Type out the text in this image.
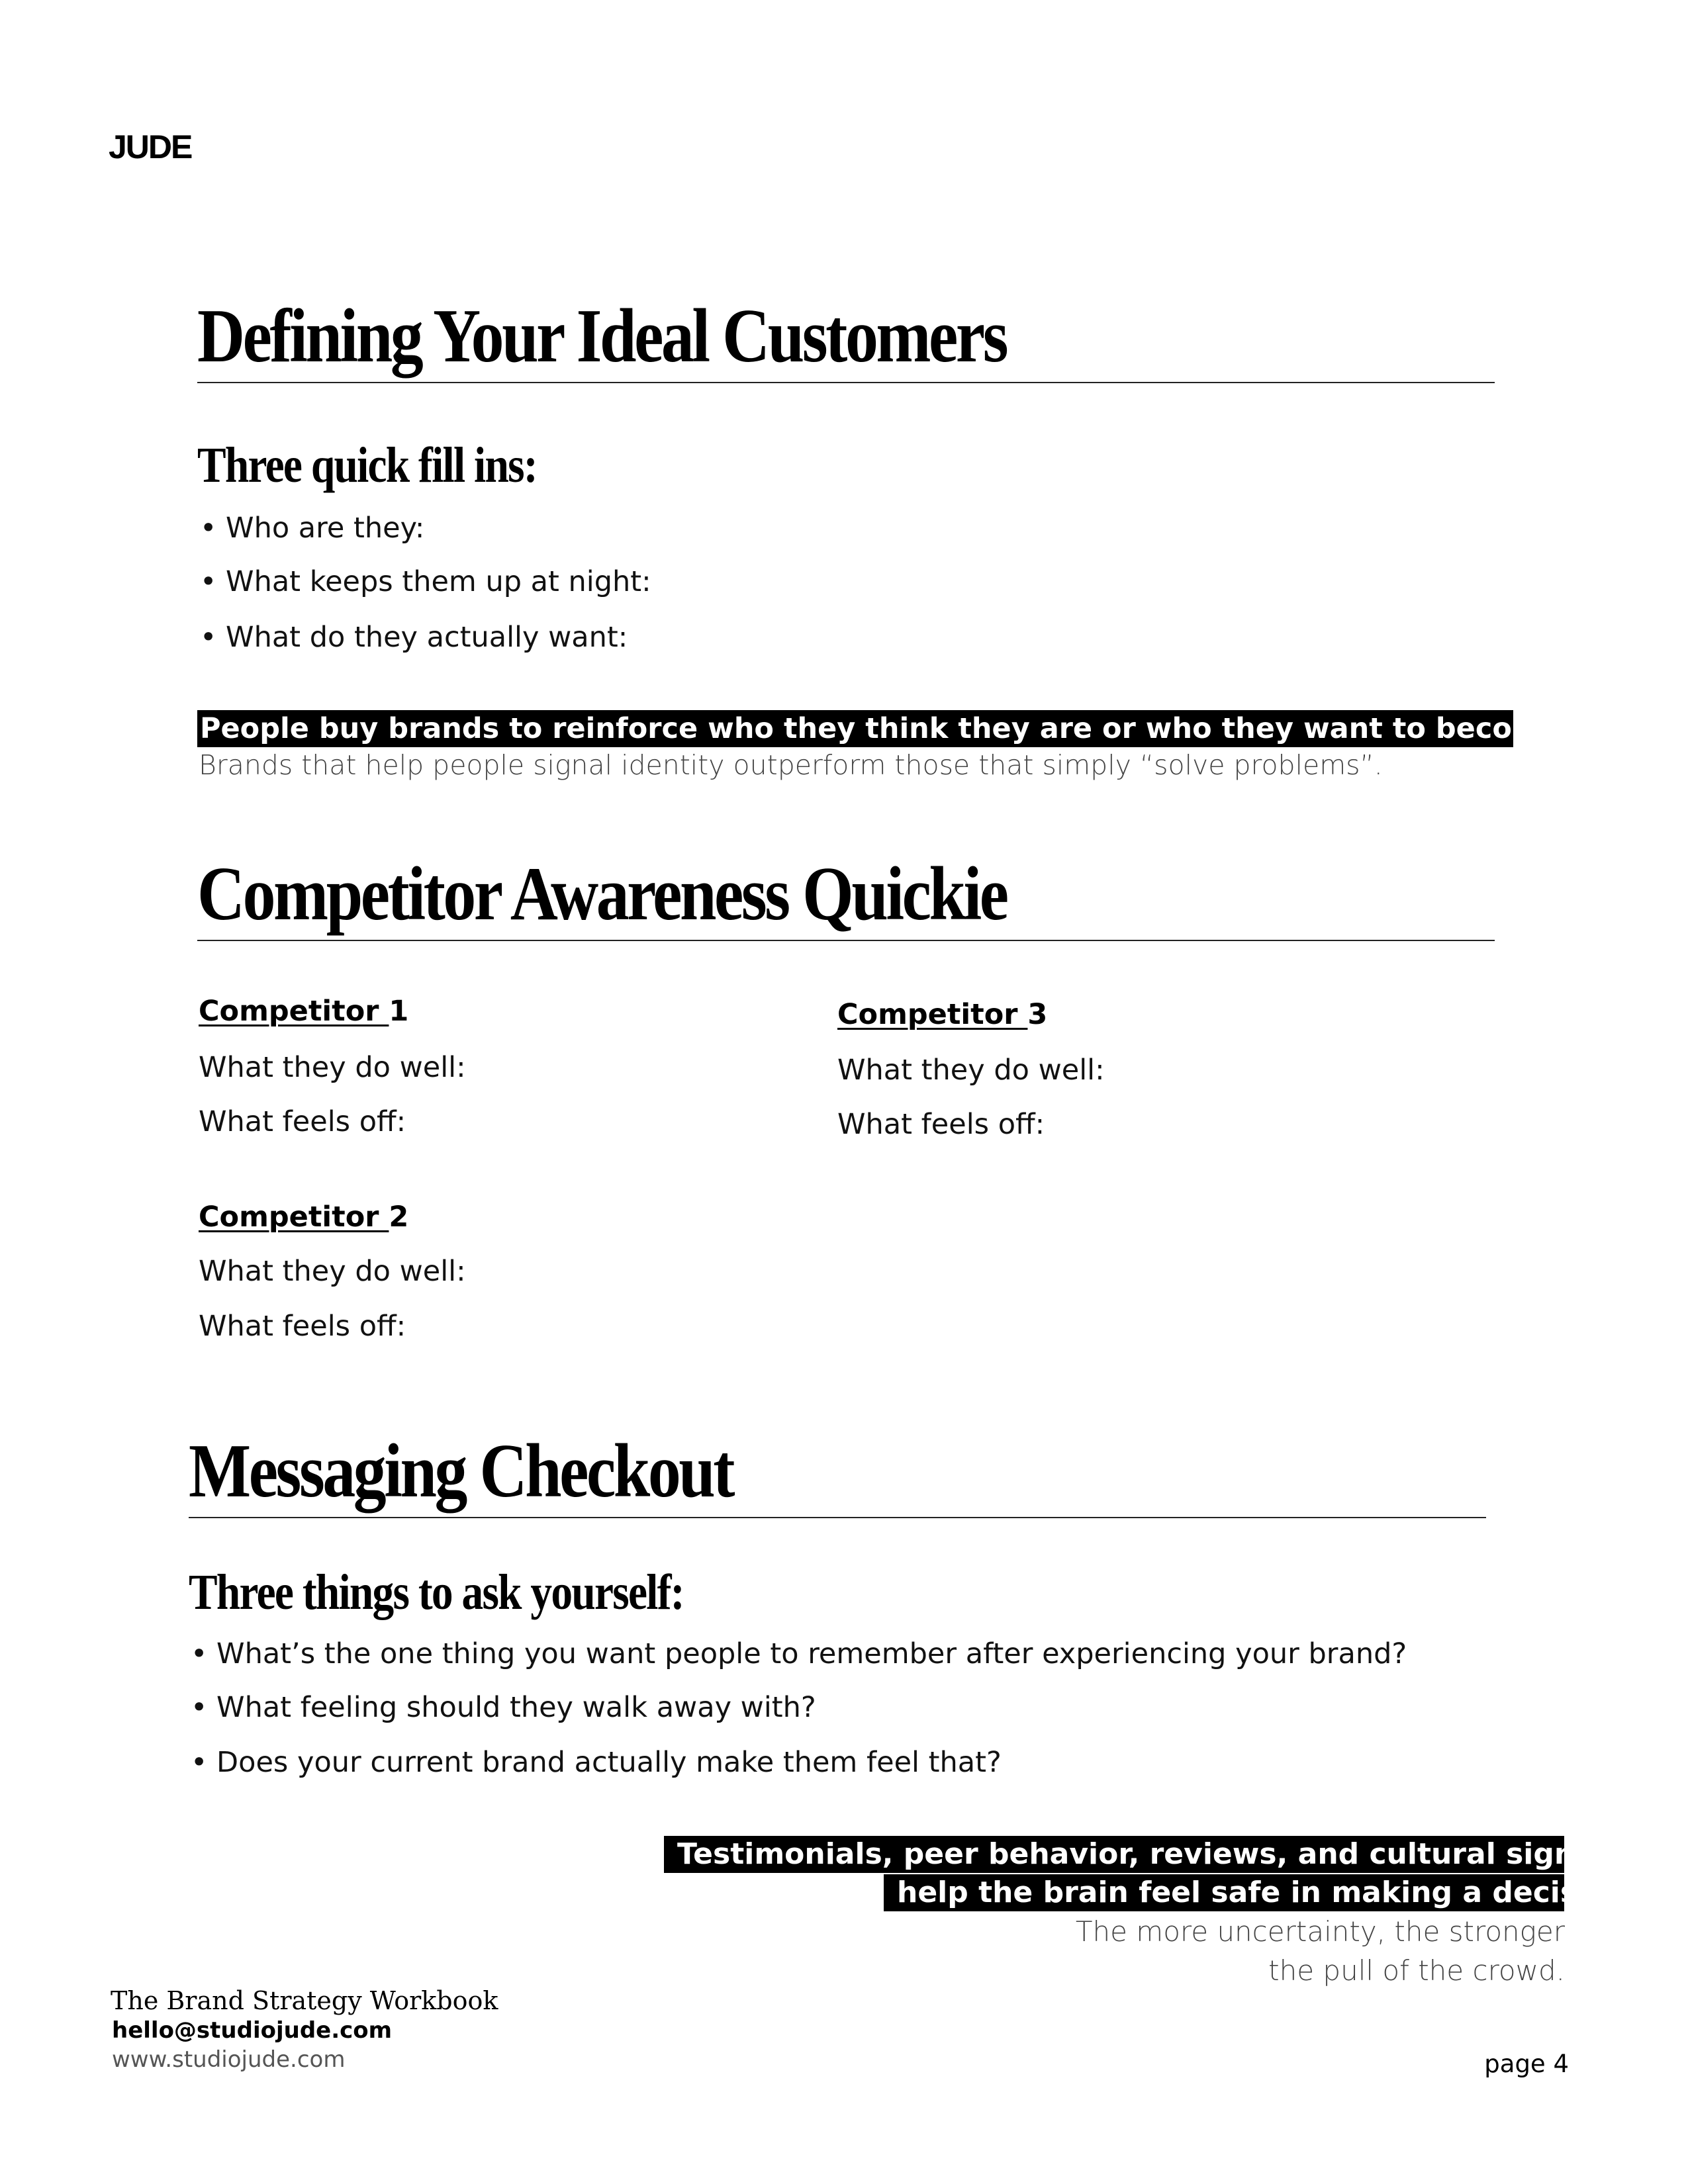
JUDE
Defining Your Ideal Customers
Three quick fill ins:
• Who are they:
• What keeps them up at night:
• What do they actually want:
People buy brands to reinforce who they think they are or who they want to become.
Brands that help people signal identity outperform those that simply “solve problems”.
Competitor Awareness Quickie
Competitor 1
What they do well:
What feels off:
Competitor 2
What they do well:
What feels off:
Competitor 3
What they do well:
What feels off:
Messaging Checkout
Three things to ask yourself:
• What’s the one thing you want people to remember after experiencing your brand?
• What feeling should they walk away with?
• Does your current brand actually make them feel that?
Testimonials, peer behavior, reviews, and cultural signals
help the brain feel safe in making a decision.
The more uncertainty, the stronger
the pull of the crowd.
The Brand Strategy Workbook
hello@studiojude.com
www.studiojude.com	page 4
